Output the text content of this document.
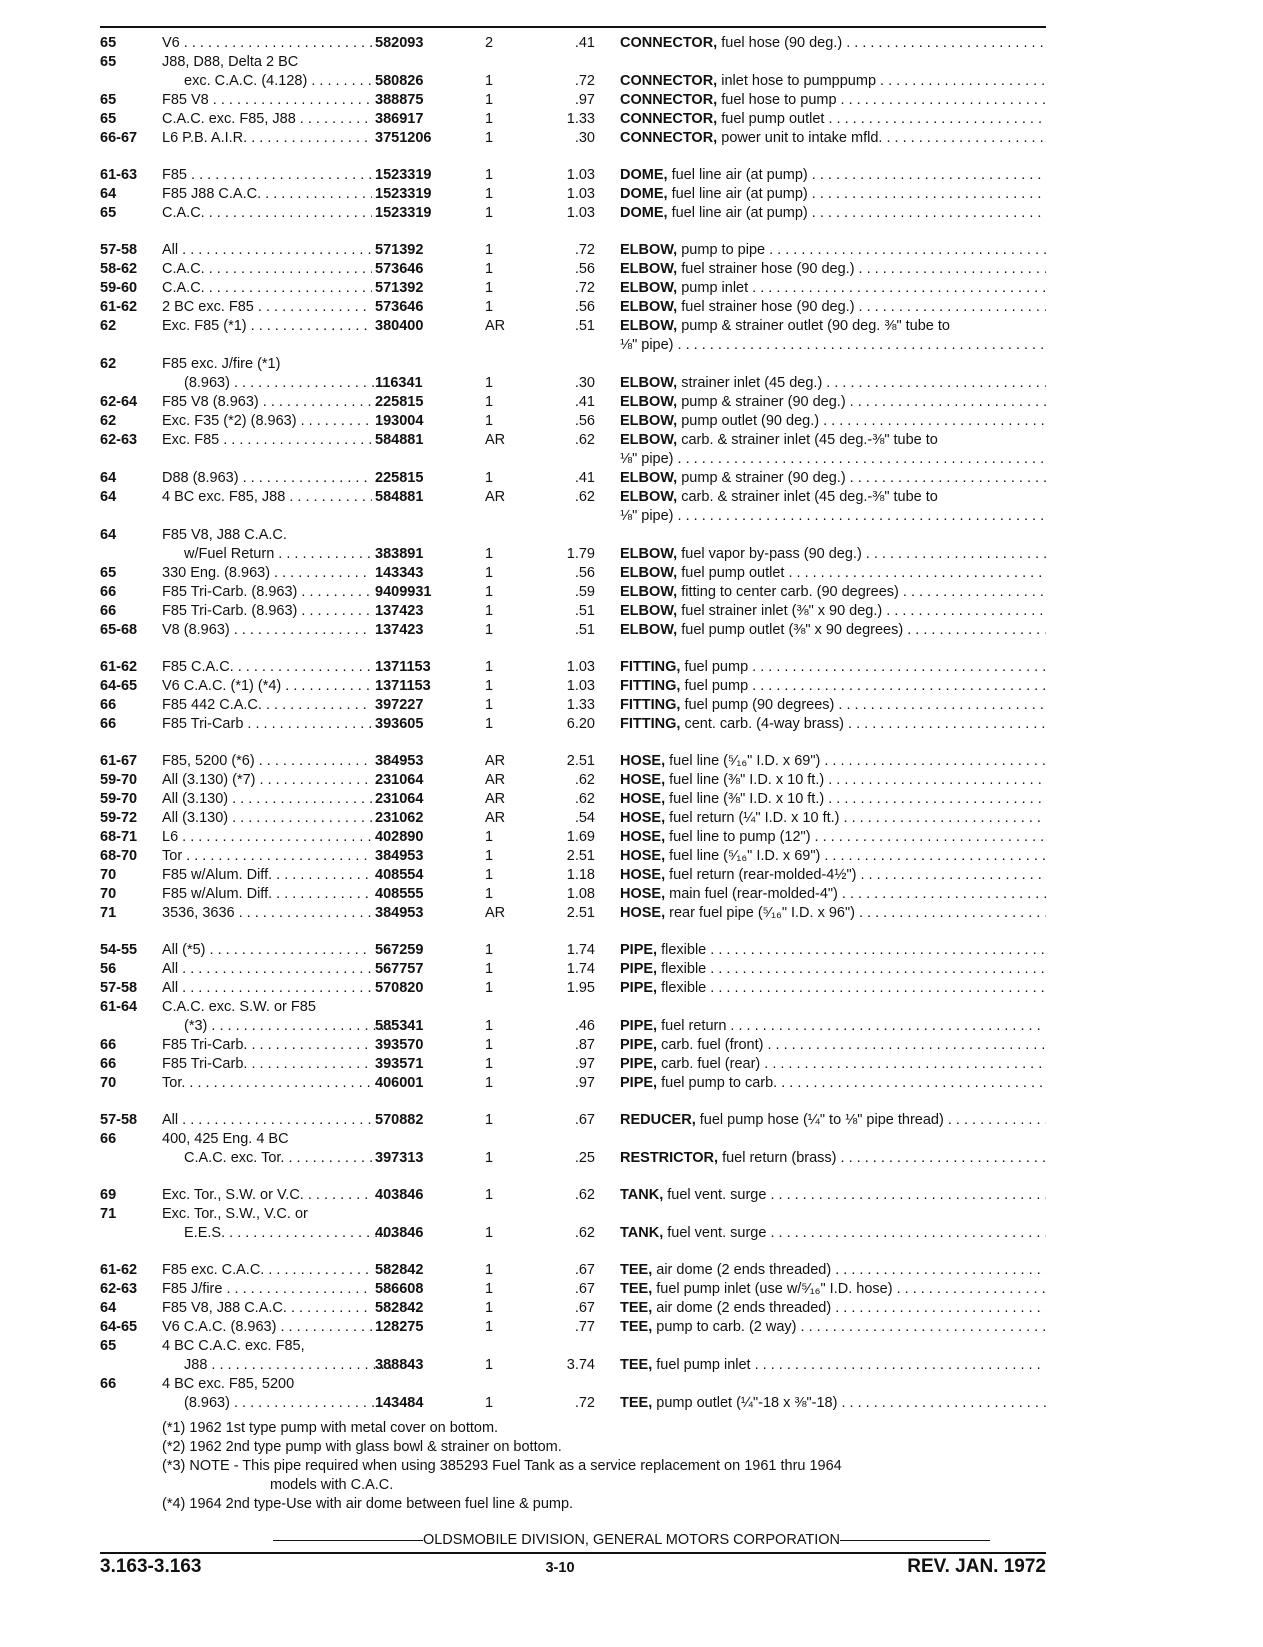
65	V6 . . .	582093	2	.41 CONNECTOR, fuel hose (90 deg.) . . .
65	J88, D88, Delta 2 BC
exc. C.A.C. (4.128) . . .	580826	1	.72 CONNECTOR, inlet hose to pumppump . . .
65	F85 V8 . . .	388875	1	.97 CONNECTOR, fuel hose to pump . . .
65	C.A.C. exc. F85, J88 . . .	386917	1	1.33 CONNECTOR, fuel pump outlet . . .
66-67	L6 P.B. A.I.R. . . .	3751206	1	.30 CONNECTOR, power unit to intake mfld. . . .
61-63	F85 . . .	1523319	1	1.03 DOME, fuel line air (at pump) . . .
64	F85 J88 C.A.C. . . .	1523319	1	1.03 DOME, fuel line air (at pump) . . .
65	C.A.C. . . .	1523319	1	1.03 DOME, fuel line air (at pump) . . .
57-58	All . . .	571392	1	.72 ELBOW, pump to pipe . . .
58-62	C.A.C. . . .	573646	1	.56 ELBOW, fuel strainer hose (90 deg.) . . .
59-60	C.A.C. . . .	571392	1	.72 ELBOW, pump inlet . . .
61-62	2 BC exc. F85 . . .	573646	1	.56 ELBOW, fuel strainer hose (90 deg.) . . .
62	Exc. F85 (*1) . . .	380400	AR	.51 ELBOW, pump & strainer outlet (90 deg. ⅜" tube to
⅛" pipe) . . .
62	F85 exc. J/fire (*1)
(8.963) . . .	116341	1	.30 ELBOW, strainer inlet (45 deg.) . . .
62-64	F85 V8 (8.963) . . .	225815	1	.41 ELBOW, pump & strainer (90 deg.) . . .
62	Exc. F35 (*2) (8.963) . . .	193004	1	.56 ELBOW, pump outlet (90 deg.) . . .
62-63	Exc. F85 . . .	584881	AR	.62 ELBOW, carb. & strainer inlet (45 deg.-⅜" tube to
⅛" pipe) . . .
64	D88 (8.963) . . .	225815	1	.41 ELBOW, pump & strainer (90 deg.) . . .
64	4 BC exc. F85, J88 . . .	584881	AR	.62 ELBOW, carb. & strainer inlet (45 deg.-⅜" tube to
⅛" pipe) . . .
64	F85 V8, J88 C.A.C.
w/Fuel Return . . .	383891	1	1.79 ELBOW, fuel vapor by-pass (90 deg.) . . .
65	330 Eng. (8.963) . . .	143343	1	.56 ELBOW, fuel pump outlet . . .
66	F85 Tri-Carb. (8.963) . . .	9409931	1	.59 ELBOW, fitting to center carb. (90 degrees) . . .
66	F85 Tri-Carb. (8.963) . . .	137423	1	.51 ELBOW, fuel strainer inlet (⅜" x 90 deg.) . . .
65-68	V8 (8.963) . . .	137423	1	.51 ELBOW, fuel pump outlet (⅜" x 90 degrees) . . .
61-62	F85 C.A.C. . . .	1371153	1	1.03 FITTING, fuel pump . . .
64-65	V6 C.A.C. (*1) (*4) . . .	1371153	1	1.03 FITTING, fuel pump . . .
66	F85 442 C.A.C. . . .	397227	1	1.33 FITTING, fuel pump (90 degrees) . . .
66	F85 Tri-Carb . . .	393605	1	6.20 FITTING, cent. carb. (4-way brass) . . .
61-67	F85, 5200 (*6) . . .	384953	AR	2.51 HOSE, fuel line (⁵⁄₁₆" I.D. x 69") . . .
59-70	All (3.130) (*7) . . .	231064	AR	.62 HOSE, fuel line (⅜" I.D. x 10 ft.) . . .
59-70	All (3.130) . . .	231064	AR	.62 HOSE, fuel line (⅜" I.D. x 10 ft.) . . .
59-72	All (3.130) . . .	231062	AR	.54 HOSE, fuel return (¼" I.D. x 10 ft.) . . .
68-71	L6 . . .	402890	1	1.69 HOSE, fuel line to pump (12") . . .
68-70	Tor . . .	384953	1	2.51 HOSE, fuel line (⁵⁄₁₆" I.D. x 69") . . .
70	F85 w/Alum. Diff. . . .	408554	1	1.18 HOSE, fuel return (rear-molded-4½") . . .
70	F85 w/Alum. Diff. . . .	408555	1	1.08 HOSE, main fuel (rear-molded-4") . . .
71	3536, 3636 . . .	384953	AR	2.51 HOSE, rear fuel pipe (⁵⁄₁₆" I.D. x 96") . . .
54-55	All (*5) . . .	567259	1	1.74 PIPE, flexible . . .
56	All . . .	567757	1	1.74 PIPE, flexible . . .
57-58	All . . .	570820	1	1.95 PIPE, flexible . . .
61-64	C.A.C. exc. S.W. or F85
(*3) . . .	585341	1	.46 PIPE, fuel return . . .
66	F85 Tri-Carb. . . .	393570	1	.87 PIPE, carb. fuel (front) . . .
66	F85 Tri-Carb. . . .	393571	1	.97 PIPE, carb. fuel (rear) . . .
70	Tor. . . .	406001	1	.97 PIPE, fuel pump to carb. . . .
57-58	All . . .	570882	1	.67 REDUCER, fuel pump hose (¼" to ⅛" pipe thread) . . .
66	400, 425 Eng. 4 BC
C.A.C. exc. Tor. . . .	397313	1	.25 RESTRICTOR, fuel return (brass) . . .
69	Exc. Tor., S.W. or V.C. . . .	403846	1	.62 TANK, fuel vent. surge . . .
71	Exc. Tor., S.W., V.C. or
E.E.S. . . .	403846	1	.62 TANK, fuel vent. surge . . .
61-62	F85 exc. C.A.C. . . .	582842	1	.67 TEE, air dome (2 ends threaded) . . .
62-63	F85 J/fire . . .	586608	1	.67 TEE, fuel pump inlet (use w/⁵⁄₁₆" I.D. hose) . . .
64	F85 V8, J88 C.A.C. . . .	582842	1	.67 TEE, air dome (2 ends threaded) . . .
64-65	V6 C.A.C. (8.963) . . .	128275	1	.77 TEE, pump to carb. (2 way) . . .
65	4 BC C.A.C. exc. F85,
J88 . . .	388843	1	3.74 TEE, fuel pump inlet . . .
66	4 BC exc. F85, 5200
(8.963) . . .	143484	1	.72 TEE, pump outlet (¼"-18 x ⅜"-18) . . .
(*1) 1962 1st type pump with metal cover on bottom.
(*2) 1962 2nd type pump with glass bowl & strainer on bottom.
(*3) NOTE - This pipe required when using 385293 Fuel Tank as a service replacement on 1961 thru 1964
models with C.A.C.
(*4) 1964 2nd type-Use with air dome between fuel line & pump.
OLDSMOBILE DIVISION, GENERAL MOTORS CORPORATION
3.163-3.163	3-10	REV. JAN. 1972
